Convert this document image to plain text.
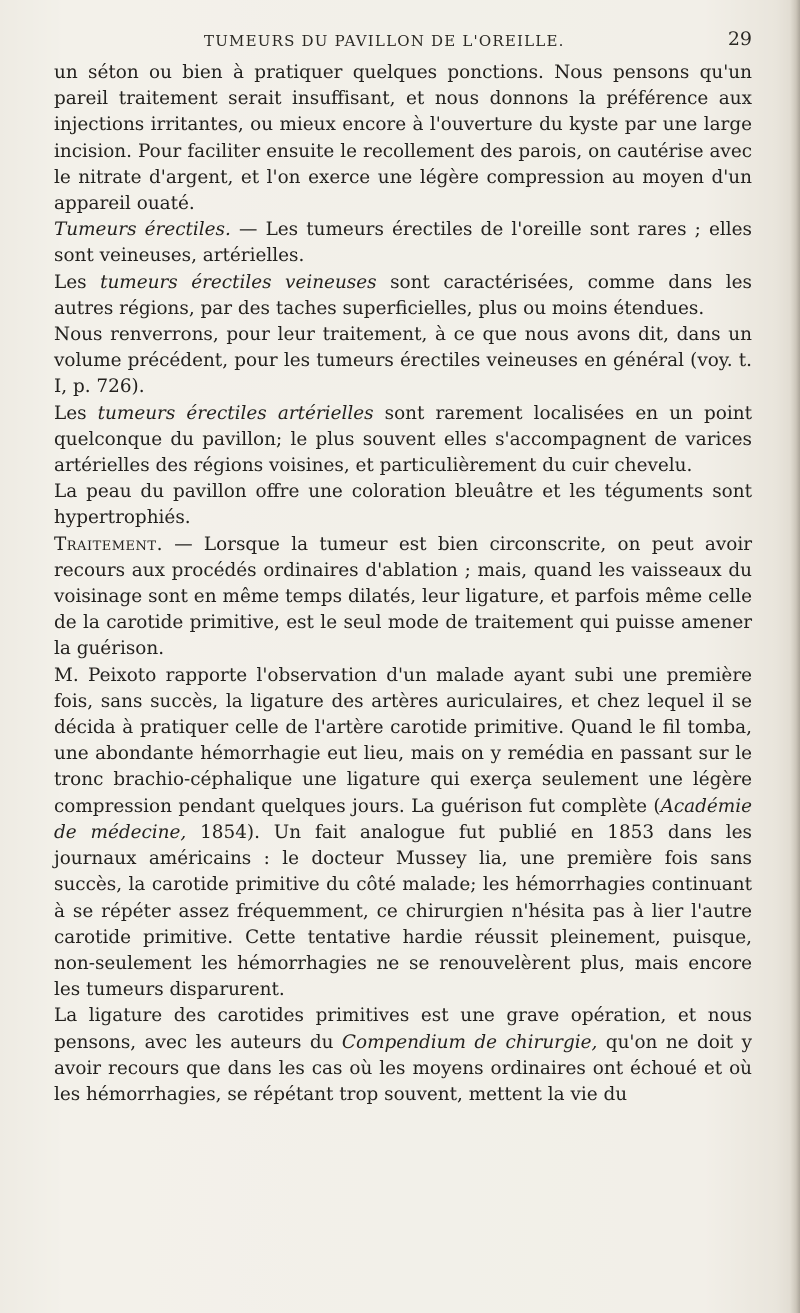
TUMEURS DU PAVILLON DE L'OREILLE.	29

un séton ou bien à pratiquer quelques ponctions. Nous pensons qu'un pareil traitement serait insuffisant, et nous donnons la préférence aux injections irritantes, ou mieux encore à l'ouverture du kyste par une large incision. Pour faciliter ensuite le recollement des parois, on cautérise avec le nitrate d'argent, et l'on exerce une légère compression au moyen d'un appareil ouaté.

Tumeurs érectiles. — Les tumeurs érectiles de l'oreille sont rares ; elles sont veineuses, artérielles.

Les tumeurs érectiles veineuses sont caractérisées, comme dans les autres régions, par des taches superficielles, plus ou moins étendues.

Nous renverrons, pour leur traitement, à ce que nous avons dit, dans un volume précédent, pour les tumeurs érectiles veineuses en général (voy. t. I, p. 726).

Les tumeurs érectiles artérielles sont rarement localisées en un point quelconque du pavillon; le plus souvent elles s'accompagnent de varices artérielles des régions voisines, et particulièrement du cuir chevelu.

La peau du pavillon offre une coloration bleuâtre et les téguments sont hypertrophiés.

Traitement. — Lorsque la tumeur est bien circonscrite, on peut avoir recours aux procédés ordinaires d'ablation ; mais, quand les vaisseaux du voisinage sont en même temps dilatés, leur ligature, et parfois même celle de la carotide primitive, est le seul mode de traitement qui puisse amener la guérison.

M. Peixoto rapporte l'observation d'un malade ayant subi une première fois, sans succès, la ligature des artères auriculaires, et chez lequel il se décida à pratiquer celle de l'artère carotide primitive. Quand le fil tomba, une abondante hémorrhagie eut lieu, mais on y remédia en passant sur le tronc brachio-céphalique une ligature qui exerça seulement une légère compression pendant quelques jours. La guérison fut complète (Académie de médecine, 1854). Un fait analogue fut publié en 1853 dans les journaux américains : le docteur Mussey lia, une première fois sans succès, la carotide primitive du côté malade; les hémorrhagies continuant à se répéter assez fréquemment, ce chirurgien n'hésita pas à lier l'autre carotide primitive. Cette tentative hardie réussit pleinement, puisque, non-seulement les hémorrhagies ne se renouvelèrent plus, mais encore les tumeurs disparurent.

La ligature des carotides primitives est une grave opération, et nous pensons, avec les auteurs du Compendium de chirurgie, qu'on ne doit y avoir recours que dans les cas où les moyens ordinaires ont échoué et où les hémorrhagies, se répétant trop souvent, mettent la vie du
